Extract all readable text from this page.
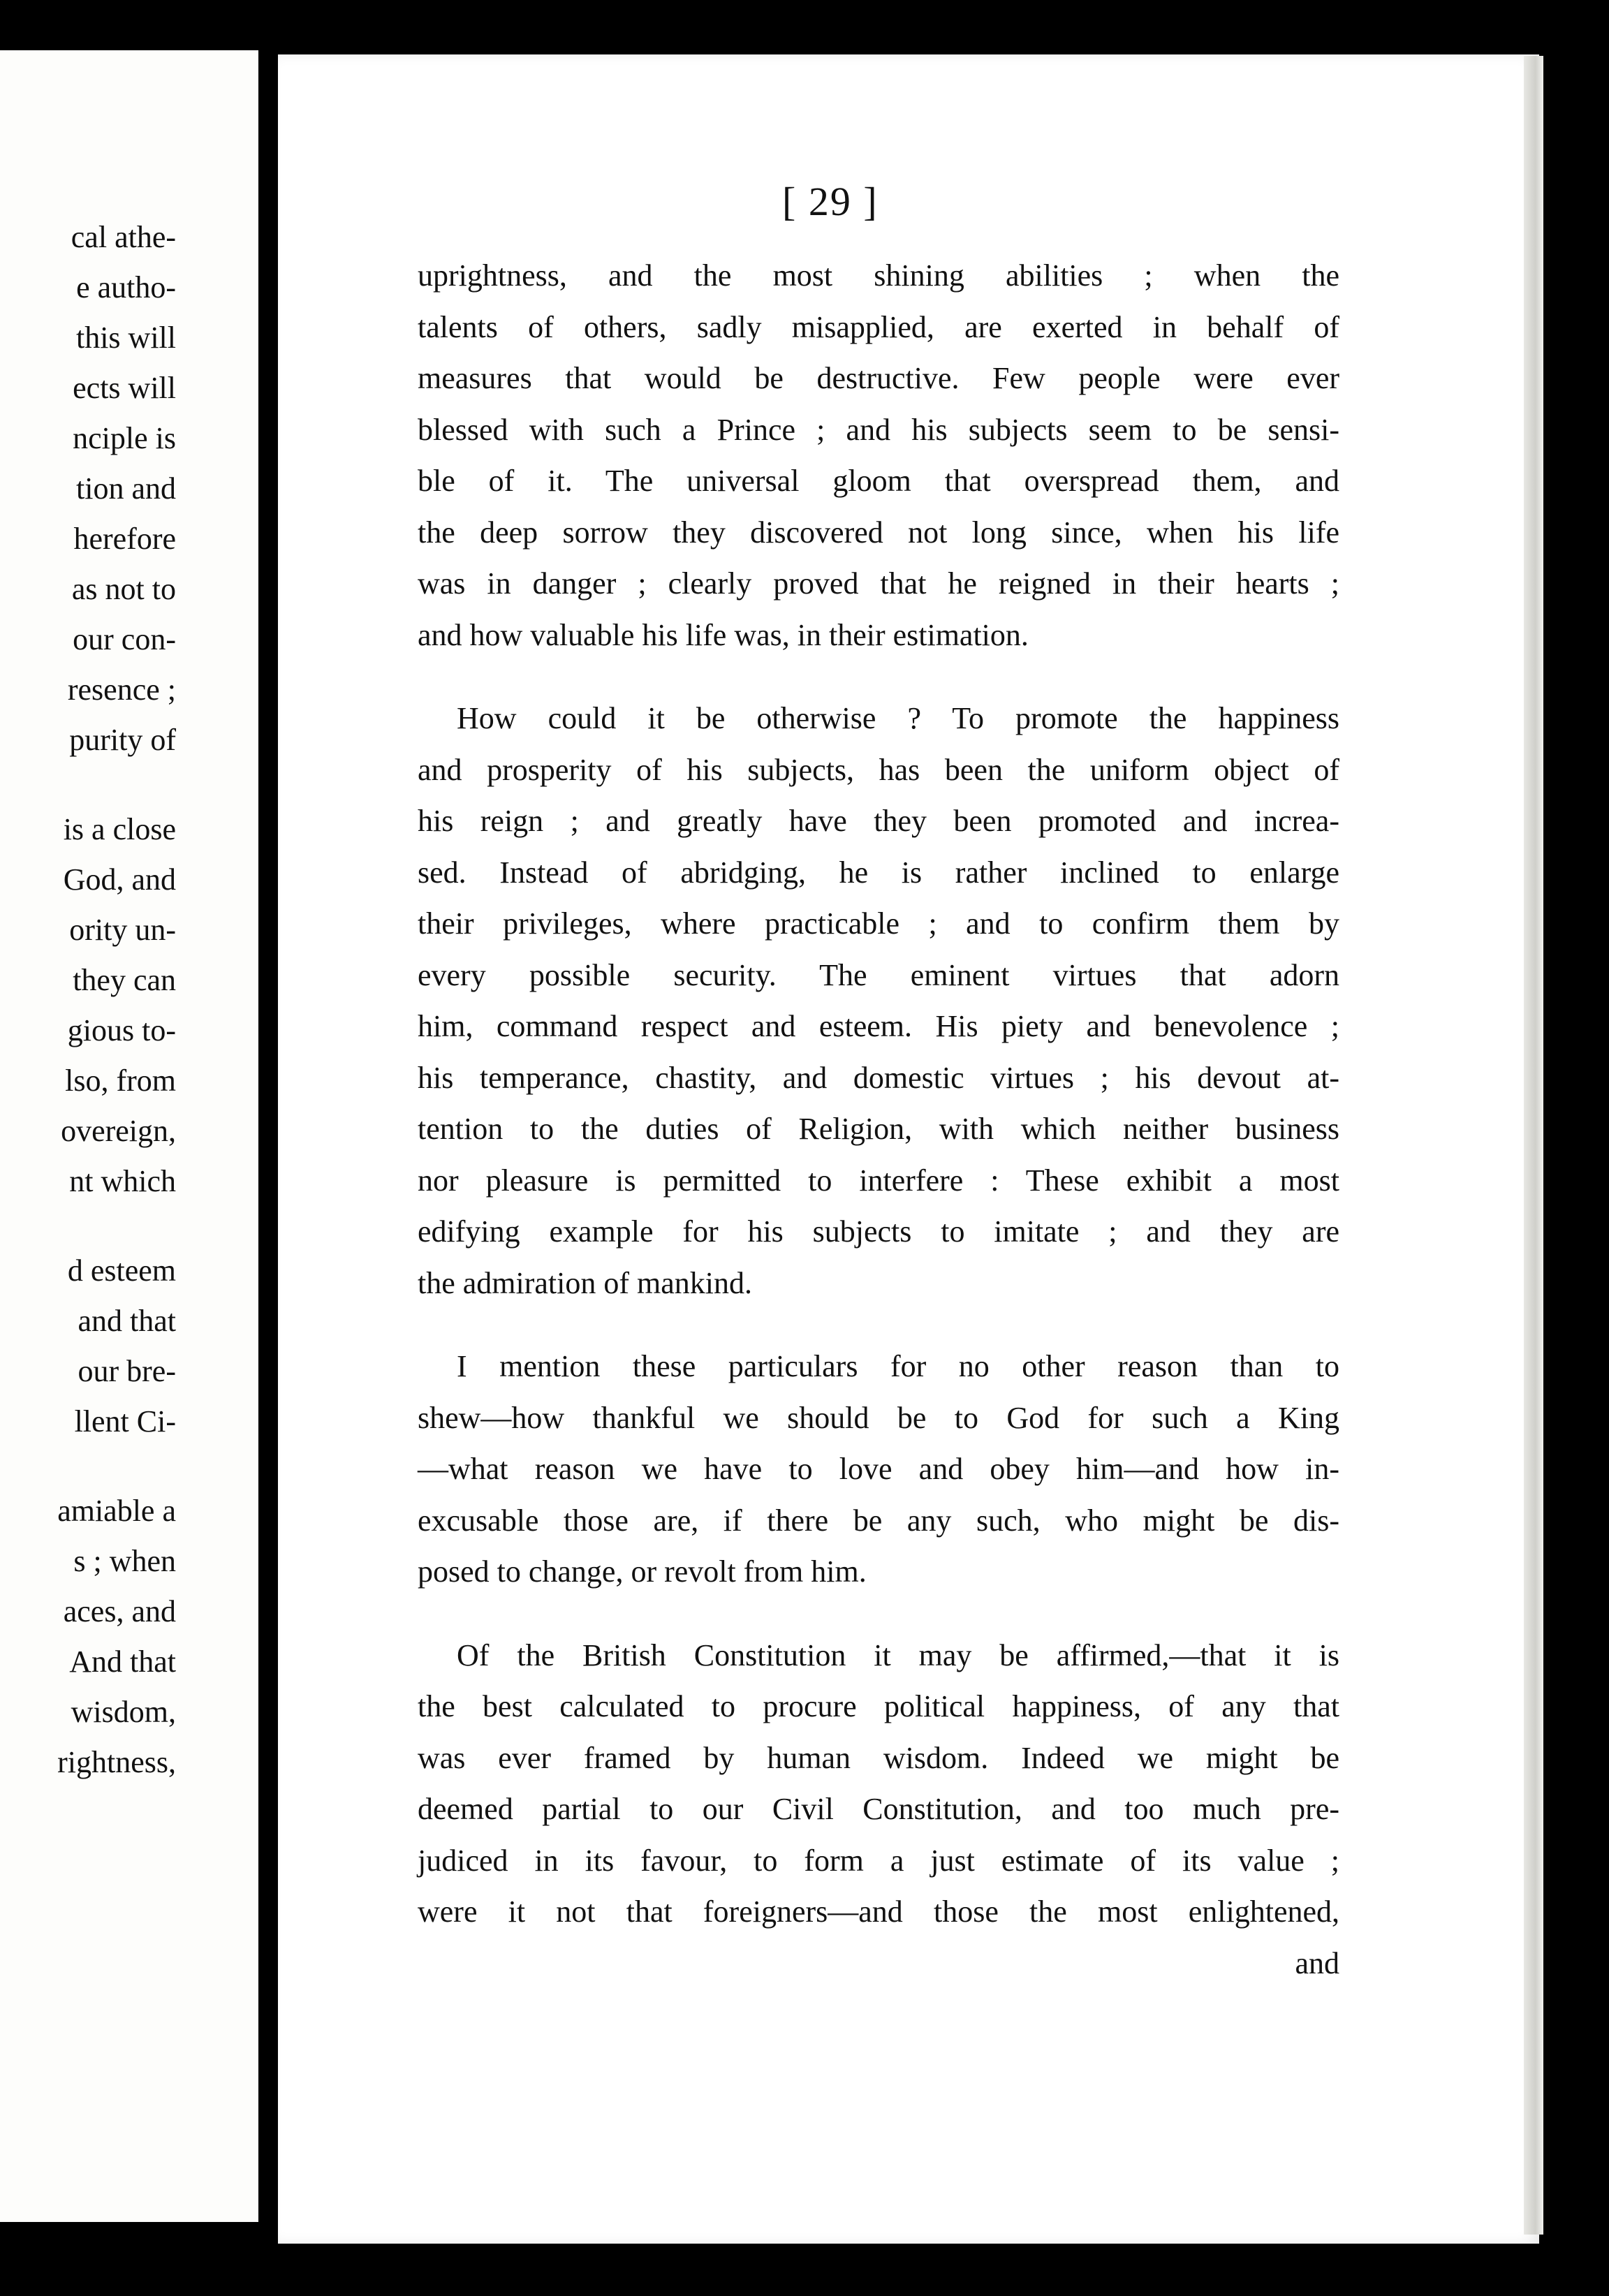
cal athe-
e autho-
this will
ects will
nciple is
tion and
herefore
as not to
our con-
resence ;
purity of
is a close
God, and
ority un-
they can
gious to-
lso, from
overeign,
nt which
d esteem
and that
our bre-
llent Ci-
amiable a
s ; when
aces, and
And that
wisdom,
rightness,
[ 29 ]
uprightness, and the most shining abilities ; when the
talents of others, sadly misapplied, are exerted in behalf of
measures that would be destructive. Few people were ever
blessed with such a Prince ; and his subjects seem to be sensi-
ble of it. The universal gloom that overspread them, and
the deep sorrow they discovered not long since, when his life
was in danger ; clearly proved that he reigned in their hearts ;
and how valuable his life was, in their estimation.
How could it be otherwise ? To promote the happiness
and prosperity of his subjects, has been the uniform object of
his reign ; and greatly have they been promoted and increa-
sed. Instead of abridging, he is rather inclined to enlarge
their privileges, where practicable ; and to confirm them by
every possible security. The eminent virtues that adorn
him, command respect and esteem. His piety and benevolence ;
his temperance, chastity, and domestic virtues ; his devout at-
tention to the duties of Religion, with which neither business
nor pleasure is permitted to interfere : These exhibit a most
edifying example for his subjects to imitate ; and they are
the admiration of mankind.
I mention these particulars for no other reason than to
shew—how thankful we should be to God for such a King
—what reason we have to love and obey him—and how in-
excusable those are, if there be any such, who might be dis-
posed to change, or revolt from him.
Of the British Constitution it may be affirmed,—that it is
the best calculated to procure political happiness, of any that
was ever framed by human wisdom. Indeed we might be
deemed partial to our Civil Constitution, and too much pre-
judiced in its favour, to form a just estimate of its value ;
were it not that foreigners—and those the most enlightened,
and
